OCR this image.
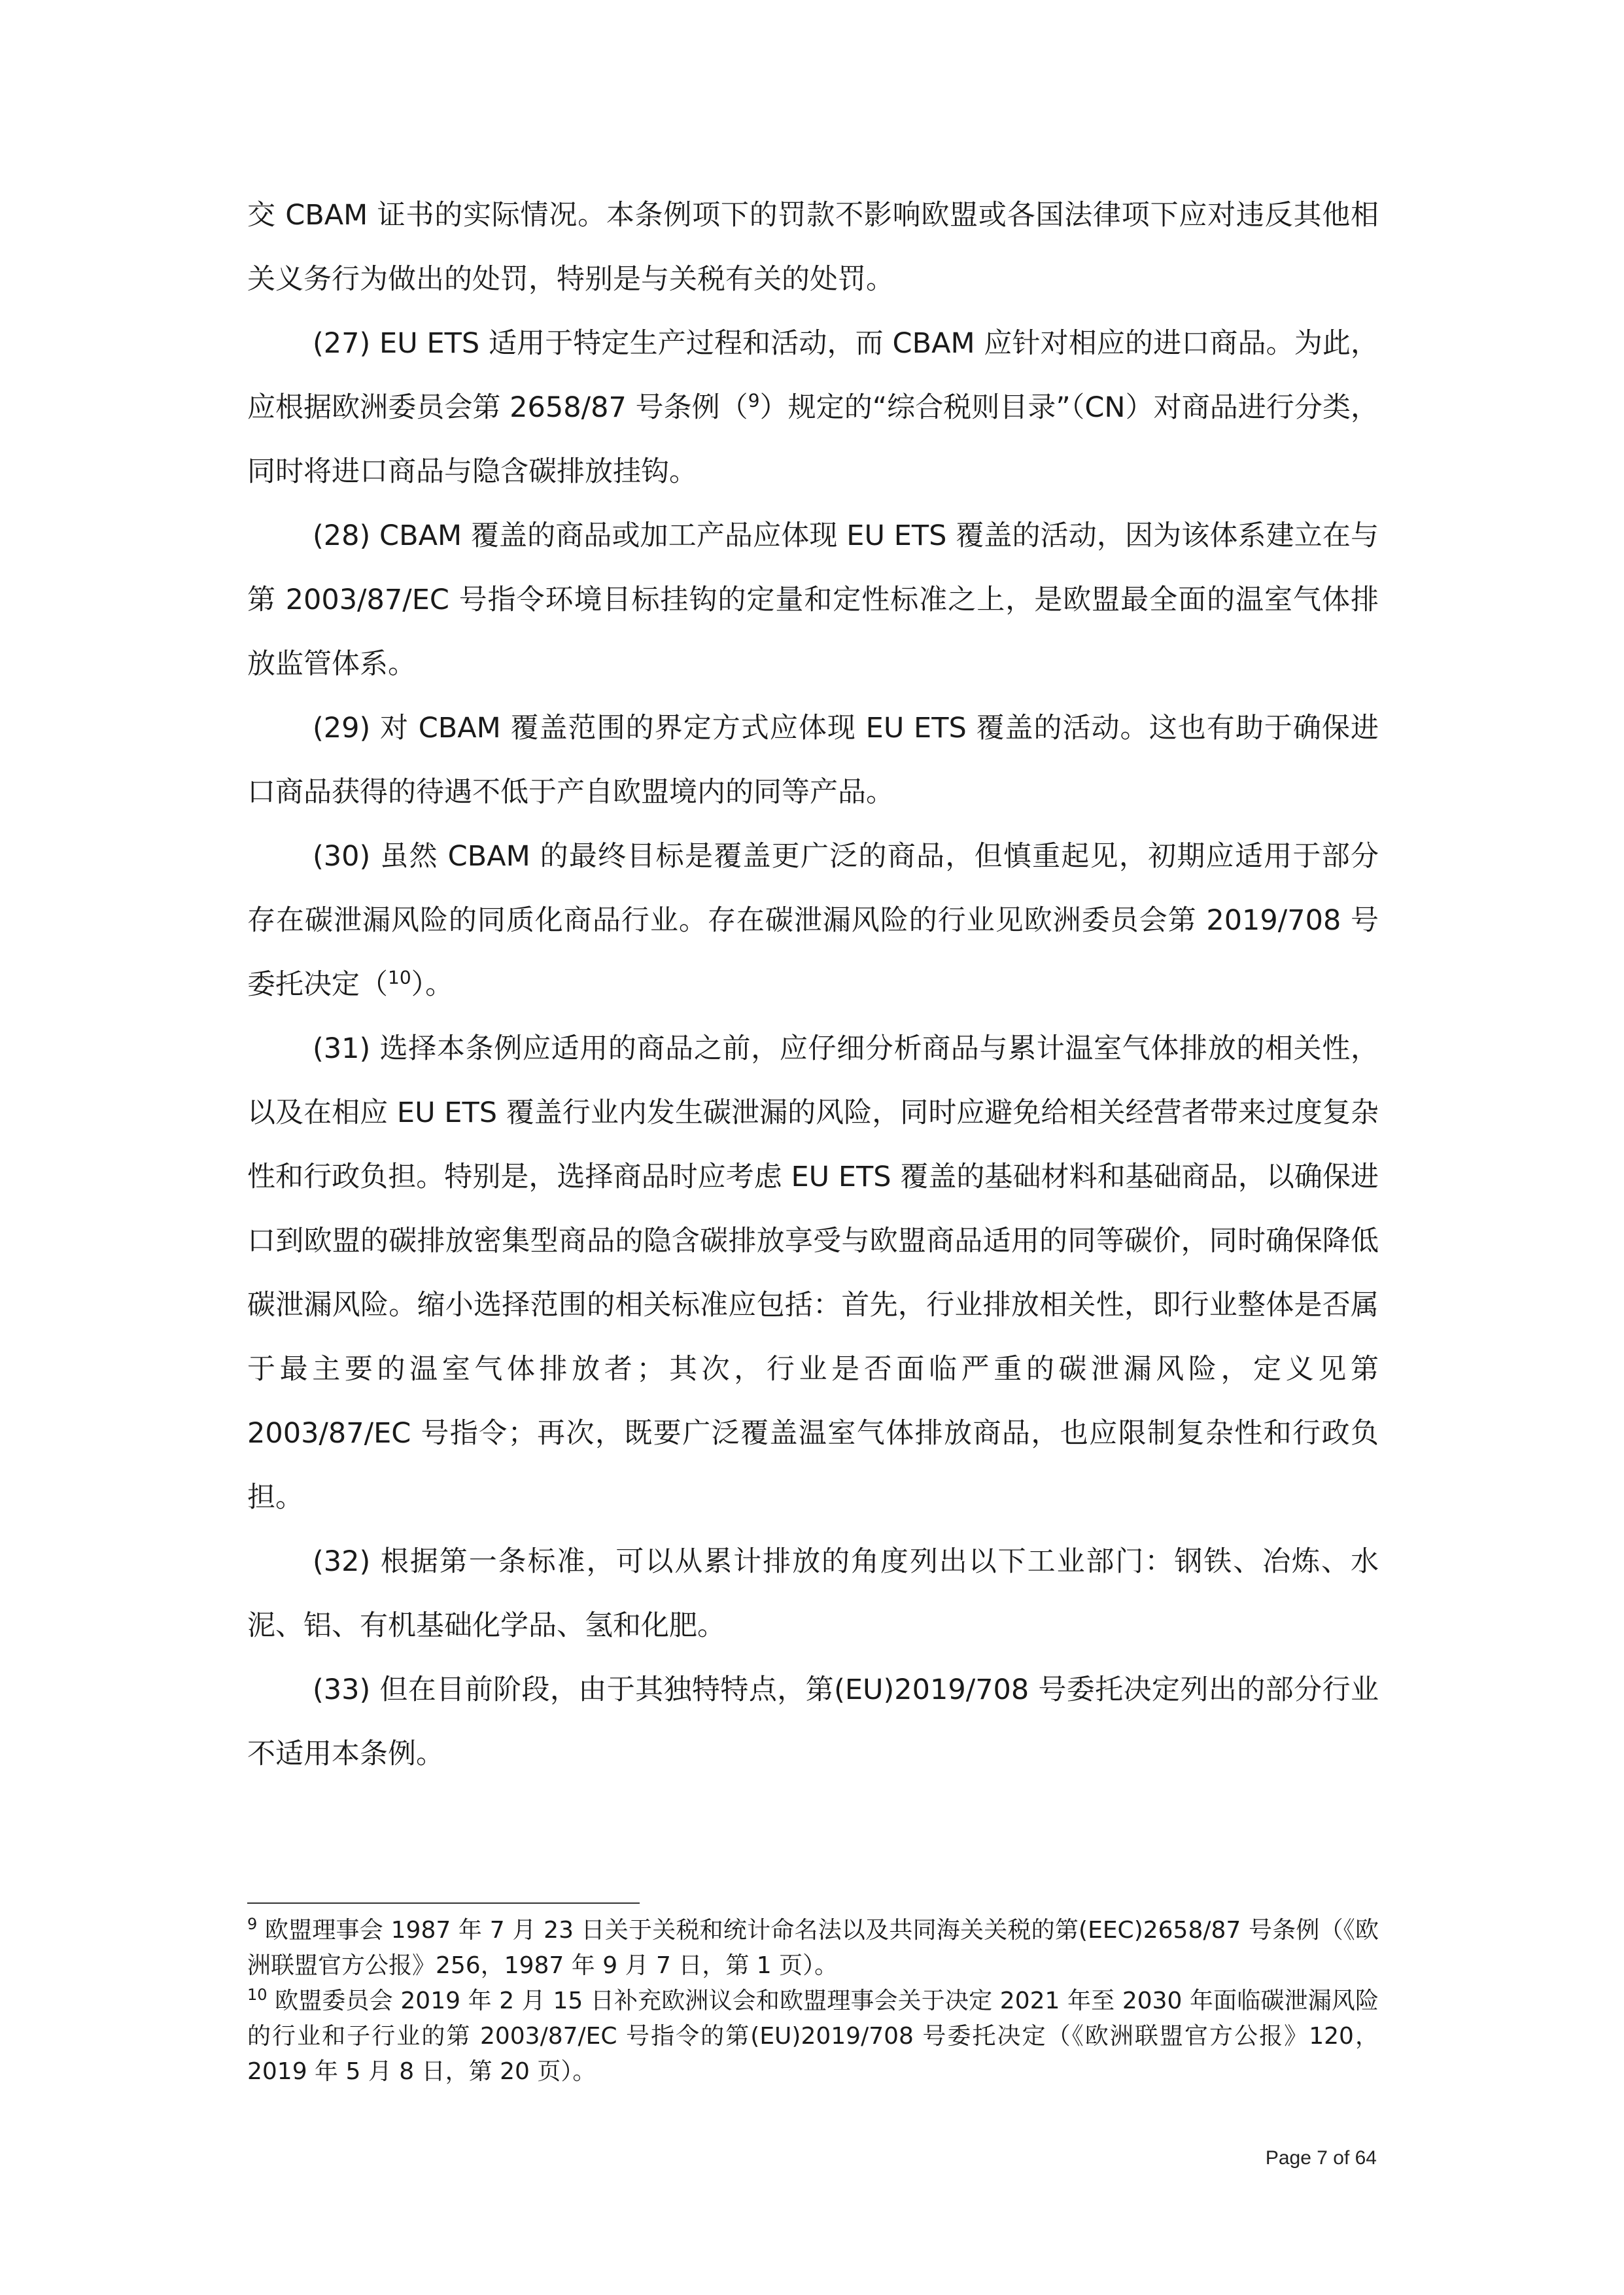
交 CBAM 证书的实际情况。本条例项下的罚款不影响欧盟或各国法律项下应对违反其他相关义务行为做出的处罚，特别是与关税有关的处罚。

(27) EU ETS 适用于特定生产过程和活动，而 CBAM 应针对相应的进口商品。为此，应根据欧洲委员会第 2658/87 号条例（$^9$）规定的“综合税则目录”（CN）对商品进行分类，同时将进口商品与隐含碳排放挂钩。

(28) CBAM 覆盖的商品或加工产品应体现 EU ETS 覆盖的活动，因为该体系建立在与第 2003/87/EC 号指令环境目标挂钩的定量和定性标准之上，是欧盟最全面的温室气体排放监管体系。

(29) 对 CBAM 覆盖范围的界定方式应体现 EU ETS 覆盖的活动。这也有助于确保进口商品获得的待遇不低于产自欧盟境内的同等产品。

(30) 虽然 CBAM 的最终目标是覆盖更广泛的商品，但慎重起见，初期应适用于部分存在碳泄漏风险的同质化商品行业。存在碳泄漏风险的行业见欧洲委员会第 2019/708 号委托决定（$^{10}$）。

(31) 选择本条例应适用的商品之前，应仔细分析商品与累计温室气体排放的相关性，以及在相应 EU ETS 覆盖行业内发生碳泄漏的风险，同时应避免给相关经营者带来过度复杂性和行政负担。特别是，选择商品时应考虑 EU ETS 覆盖的基础材料和基础商品，以确保进口到欧盟的碳排放密集型商品的隐含碳排放享受与欧盟商品适用的同等碳价，同时确保降低碳泄漏风险。缩小选择范围的相关标准应包括：首先，行业排放相关性，即行业整体是否属于最主要的温室气体排放者；其次，行业是否面临严重的碳泄漏风险，定义见第 2003/87/EC 号指令；再次，既要广泛覆盖温室气体排放商品，也应限制复杂性和行政负担。

(32) 根据第一条标准，可以从累计排放的角度列出以下工业部门：钢铁、冶炼、水泥、铝、有机基础化学品、氢和化肥。

(33) 但在目前阶段，由于其独特特点，第(EU)2019/708 号委托决定列出的部分行业不适用本条例。

$^9$ 欧盟理事会 1987 年 7 月 23 日关于关税和统计命名法以及共同海关关税的第(EEC)2658/87 号条例（《欧洲联盟官方公报》256，1987 年 9 月 7 日，第 1 页）。

$^{10}$ 欧盟委员会 2019 年 2 月 15 日补充欧洲议会和欧盟理事会关于决定 2021 年至 2030 年面临碳泄漏风险的行业和子行业的第 2003/87/EC 号指令的第(EU)2019/708 号委托决定（《欧洲联盟官方公报》120，2019 年 5 月 8 日，第 20 页）。

Page 7 of 64
